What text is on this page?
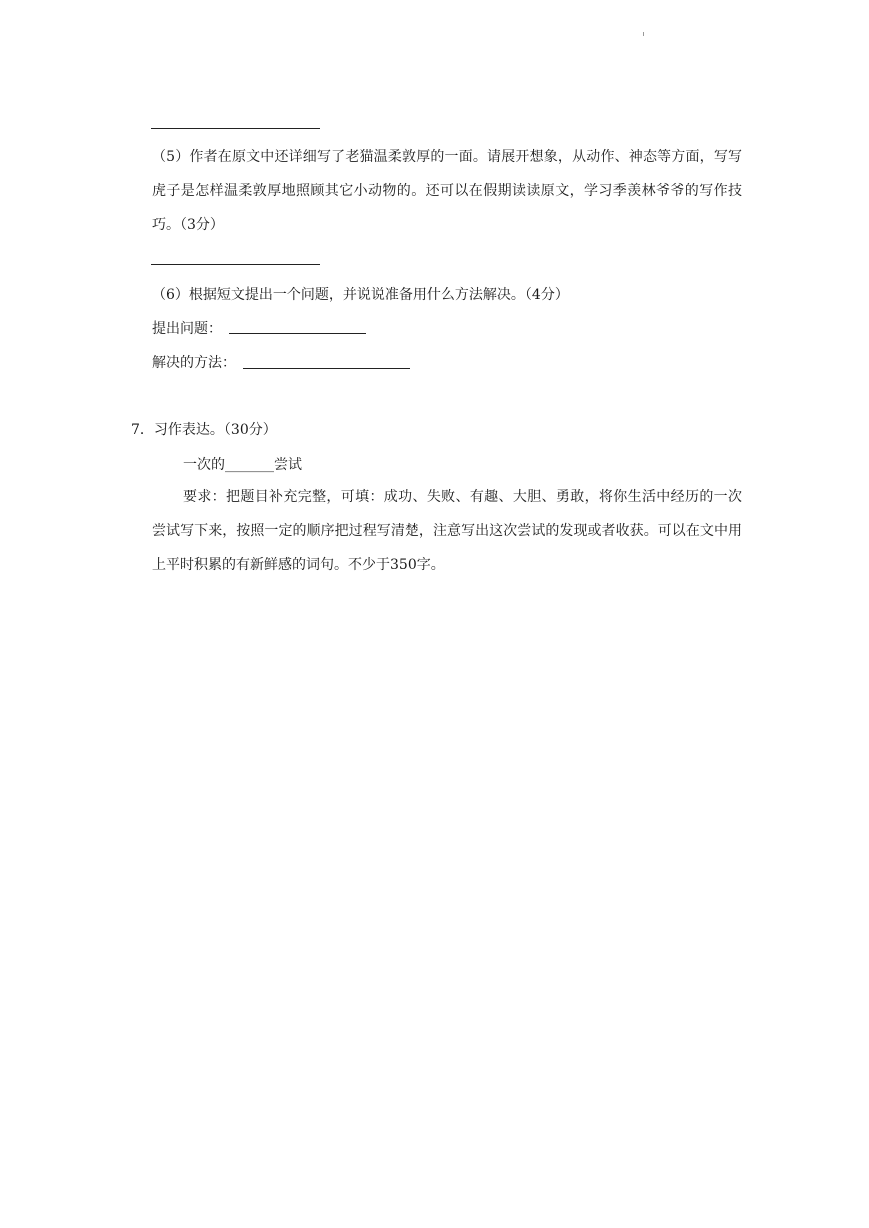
（5）作者在原文中还详细写了老猫温柔敦厚的一面。请展开想象，从动作、神态等方面，写写虎子是怎样温柔敦厚地照顾其它小动物的。还可以在假期读读原文，学习季羡林爷爷的写作技巧。（3分）
（6）根据短文提出一个问题，并说说准备用什么方法解决。（4分）
提出问题：
解决的方法：
7．习作表达。（30分）
一次的_______尝试
要求：把题目补充完整，可填：成功、失败、有趣、大胆、勇敢，将你生活中经历的一次尝试写下来，按照一定的顺序把过程写清楚，注意写出这次尝试的发现或者收获。可以在文中用上平时积累的有新鲜感的词句。不少于350字。
